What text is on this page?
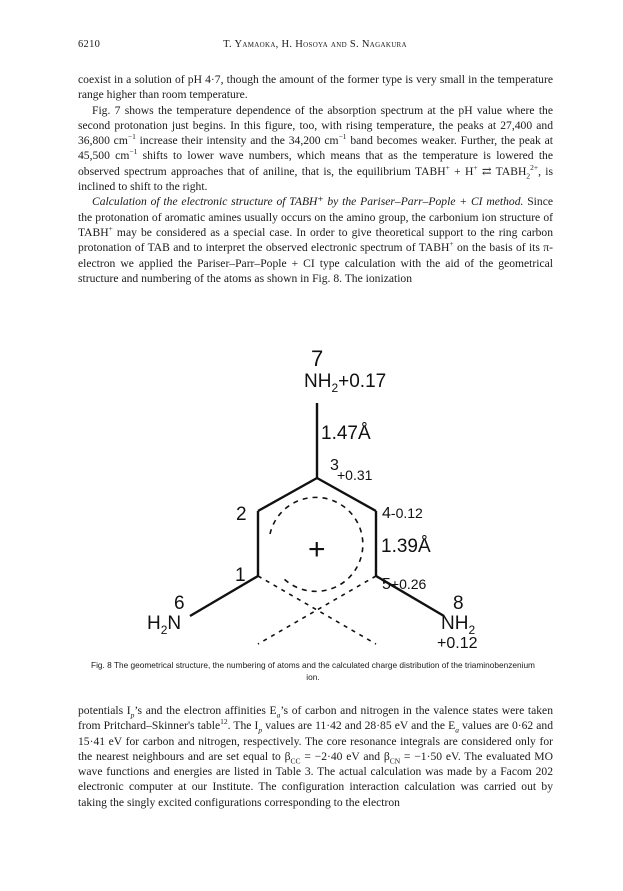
6210	T. Yamaoka, H. Hosoya and S. Nagakura

coexist in a solution of pH 4·7, though the amount of the former type is very small in the temperature range higher than room temperature.

Fig. 7 shows the temperature dependence of the absorption spectrum at the pH value where the second protonation just begins. In this figure, too, with rising temperature, the peaks at 27,400 and 36,800 $cm^{-1}$ increase their intensity and the 34,200 $cm^{-1}$ band becomes weaker. Further, the peak at 45,500 $cm^{-1}$ shifts to lower wave numbers, which means that as the temperature is lowered the observed spectrum approaches that of aniline, that is, the equilibrium TABH+ + H+ ⇄ $TABH_2^{2+}$, is inclined to shift to the right.

Calculation of the electronic structure of TABH⁺ by the Pariser–Parr–Pople + CI method. Since the protonation of aromatic amines usually occurs on the amino group, the carbonium ion structure of TABH+ may be considered as a special case. In order to give theoretical support to the ring carbon protonation of TAB and to interpret the observed electronic spectrum of TABH+ on the basis of its π-electron we applied the Pariser–Parr–Pople + CI type calculation with the aid of the geometrical structure and numbering of the atoms as shown in Fig. 8. The ionization

7
$NH_2+0.17$
1.47Å
3
+0.31
2	4-0.12
+	1.39Å
1	5+0.26
6
$H_2N$
8
$NH_2$
+0.12
Fig. 8 The geometrical structure, the numbering of atoms and the calculated charge distribution of the triaminobenzenium ion.

potentials $I_p’s$ and the electron affinities $E_a’s$ of carbon and nitrogen in the valence states were taken from Pritchard–Skinner's table$^{12}$. The $I_p$ values are 11·42 and 28·85 eV and the $E_a$ values are 0·62 and 15·41 eV for carbon and nitrogen, respectively. The core resonance integrals are considered only for the nearest neighbours and are set equal to $\beta_{CC} = -2\cdot 40$ eV and $\beta_{CN} = -1\cdot 50$ eV. The evaluated MO wave functions and energies are listed in Table 3. The actual calculation was made by a Facom 202 electronic computer at our Institute. The configuration interaction calculation was carried out by taking the singly excited configurations corresponding to the electron
